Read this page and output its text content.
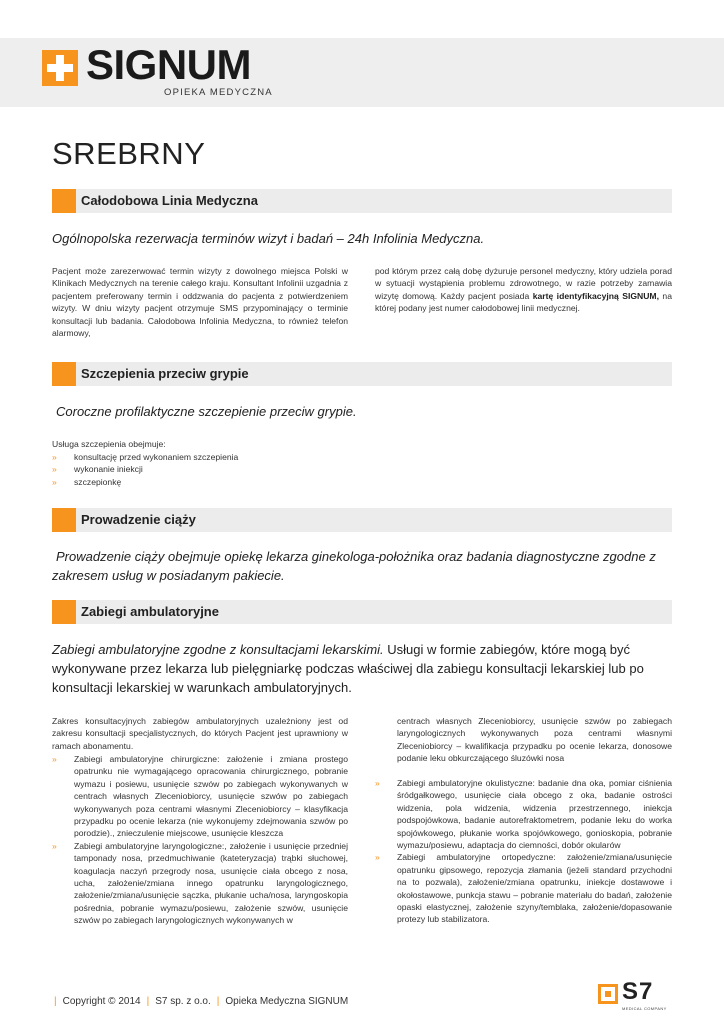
SIGNUM
OPIEKA MEDYCZNA
SREBRNY
Całodobowa Linia Medyczna
Ogólnopolska rezerwacja terminów wizyt i badań – 24h Infolinia Medyczna.
Pacjent może zarezerwować termin wizyty z dowolnego miejsca Polski w Klinikach Medycznych na terenie całego kraju. Konsultant Infolinii uzgadnia z pacjentem preferowany termin i oddzwania do pacjenta z potwierdzeniem wizyty. W dniu wizyty pacjent otrzymuje SMS przypominający o terminie konsultacji lub badania. Całodobowa Infolinia Medyczna, to również telefon alarmowy,
pod którym przez całą dobę dyżuruje personel medyczny, który udziela porad w sytuacji wystąpienia problemu zdrowotnego, w razie potrzeby zamawia wizytę domową. Każdy pacjent posiada kartę identyfikacyjną SIGNUM, na której podany jest numer całodobowej linii medycznej.
Szczepienia przeciw grypie
Coroczne profilaktyczne szczepienie przeciw grypie.
Usługa szczepienia obejmuje:
» konsultację przed wykonaniem szczepienia
» wykonanie iniekcji
» szczepionkę
Prowadzenie ciąży
Prowadzenie ciąży obejmuje opiekę lekarza ginekologa-położnika oraz badania diagnostyczne zgodne z zakresem usług w posiadanym pakiecie.
Zabiegi ambulatoryjne
Zabiegi ambulatoryjne zgodne z konsultacjami lekarskimi. Usługi w formie zabiegów, które mogą być wykonywane przez lekarza lub pielęgniarkę podczas właściwej dla zabiegu konsultacji lekarskiej lub po konsultacji lekarskiej w warunkach ambulatoryjnych.
Zakres konsultacyjnych zabiegów ambulatoryjnych uzależniony jest od zakresu konsultacji specjalistycznych, do których Pacjent jest uprawniony w ramach abonamentu.
» Zabiegi ambulatoryjne chirurgiczne: założenie i zmiana prostego opatrunku nie wymagającego opracowania chirurgicznego, pobranie wymazu i posiewu, usunięcie szwów po zabiegach wykonywanych w centrach własnych Zleceniobiorcy, usunięcie szwów po zabiegach wykonywanych poza centrami własnymi Zleceniobiorcy – klasyfikacja przypadku po ocenie lekarza (nie wykonujemy zdejmowania szwów po porodzie)., znieczulenie miejscowe, usunięcie kleszcza
» Zabiegi ambulatoryjne laryngologiczne:, założenie i usunięcie przedniej tamponady nosa, przedmuchiwanie (kateteryzacja) trąbki słuchowej, koagulacja naczyń przegrody nosa, usunięcie ciała obcego z nosa, ucha, założenie/zmiana innego opatrunku laryngologicznego, założenie/zmiana/usunięcie sączka, płukanie ucha/nosa, laryngoskopia pośrednia, pobranie wymazu/posiewu, założenie szwów, usunięcie szwów po zabiegach laryngologicznych wykonywanych w
centrach własnych Zleceniobiorcy, usunięcie szwów po zabiegach laryngologicznych wykonywanych poza centrami własnymi Zleceniobiorcy – kwalifikacja przypadku po ocenie lekarza, donosowe podanie leku obkurczającego śluzówki nosa
» Zabiegi ambulatoryjne okulistyczne: badanie dna oka, pomiar ciśnienia śródgałkowego, usunięcie ciała obcego z oka, badanie ostrości widzenia, pola widzenia, widzenia przestrzennego, iniekcja podspojówkowa, badanie autorefraktometrem, podanie leku do worka spojówkowego, płukanie worka spojówkowego, gonioskopia, pobranie wymazu/posiewu, adaptacja do ciemności, dobór okularów
» Zabiegi ambulatoryjne ortopedyczne: założenie/zmiana/usunięcie opatrunku gipsowego, repozycja złamania (jeżeli standard przychodni na to pozwala), założenie/zmiana opatrunku, iniekcje dostawowe i okołostawowe, punkcja stawu – pobranie materiału do badań, założenie opaski elastycznej, założenie szyny/temblaka, założenie/dopasowanie protezy lub stabilizatora.
| Copyright © 2014 | S7 sp. z o.o. | Opieka Medyczna SIGNUM	S7
MEDICAL COMPANY
